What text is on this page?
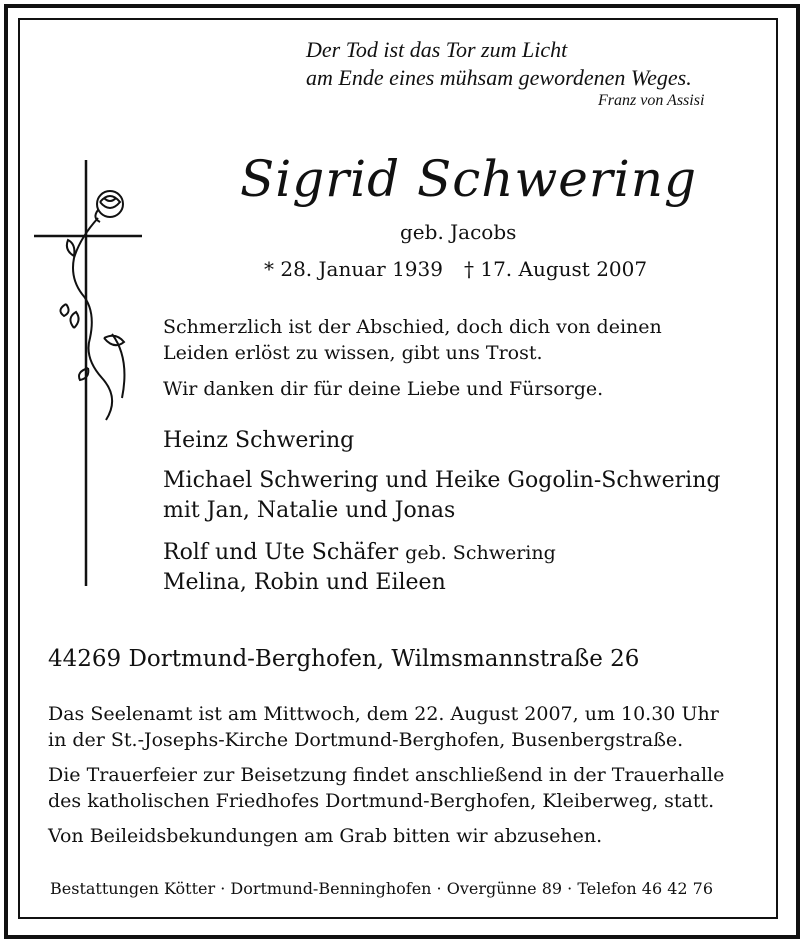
Der Tod ist das Tor zum Licht
am Ende eines mühsam gewordenen Weges.
Franz von Assisi
Sigrid Schwering
geb. Jacobs
* 28. Januar 1939 † 17. August 2007
Schmerzlich ist der Abschied, doch dich von deinen
Leiden erlöst zu wissen, gibt uns Trost.
Wir danken dir für deine Liebe und Fürsorge.
Heinz Schwering
Michael Schwering und Heike Gogolin-Schwering
mit Jan, Natalie und Jonas
Rolf und Ute Schäfer geb. Schwering
Melina, Robin und Eileen
44269 Dortmund-Berghofen, Wilmsmannstraße 26
Das Seelenamt ist am Mittwoch, dem 22. August 2007, um 10.30 Uhr
in der St.-Josephs-Kirche Dortmund-Berghofen, Busenbergstraße.
Die Trauerfeier zur Beisetzung findet anschließend in der Trauerhalle
des katholischen Friedhofes Dortmund-Berghofen, Kleiberweg, statt.
Von Beileidsbekundungen am Grab bitten wir abzusehen.
Bestattungen Kötter · Dortmund-Benninghofen · Overgünne 89 · Telefon 46 42 76
